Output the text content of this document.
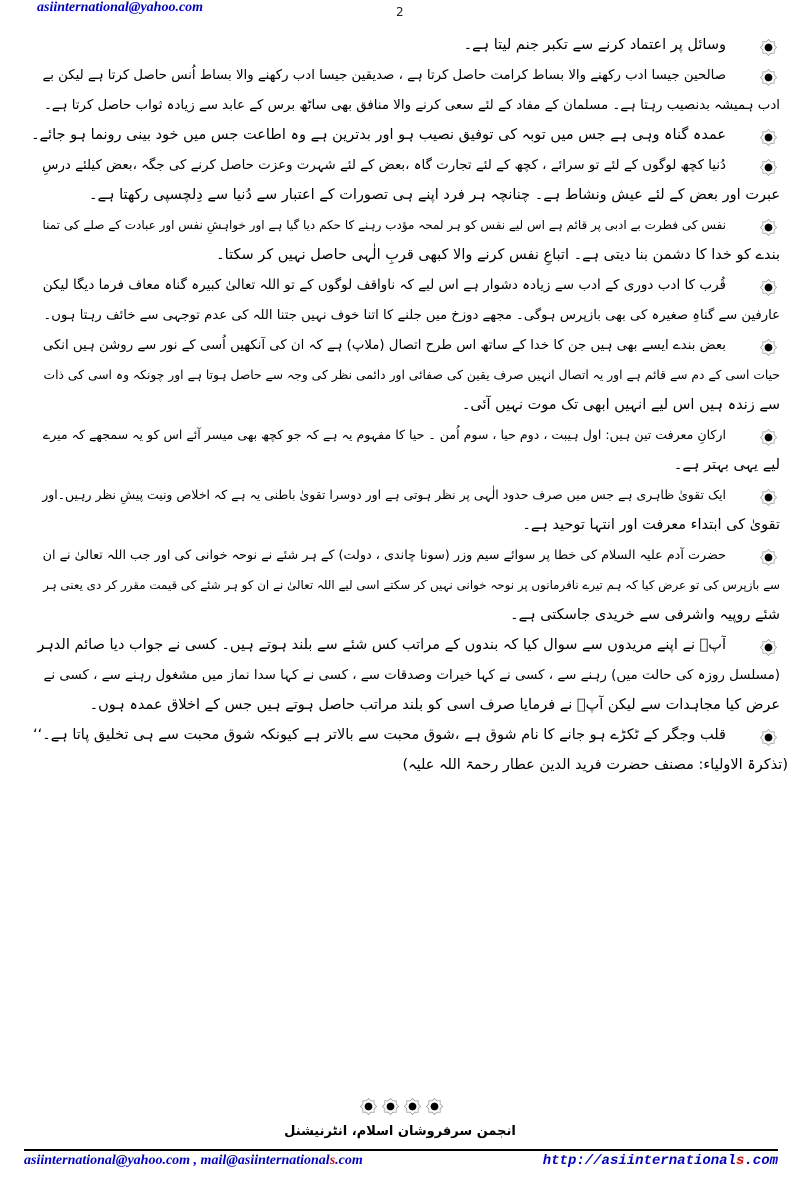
asiinternational@yahoo.com	2
وسائل پر اعتماد کرنے سے تکبر جنم لیتا ہے۔
صالحین جیسا ادب رکھنے والا بساط کرامت حاصل کرتا ہے ، صدیقین جیسا ادب رکھنے والا بساط اُنس حاصل کرتا ہے لیکن بے
ادب ہمیشہ بدنصیب رہتا ہے۔ مسلمان کے مفاد کے لئے سعی کرنے والا منافق بھی ساٹھ برس کے عابد سے زیادہ ثواب حاصل کرتا ہے۔
عمدہ گناہ وہی ہے جس میں توبہ کی توفیق نصیب ہو اور بدترین ہے وہ اطاعت جس میں خود بینی رونما ہو جائے۔
دُنیا کچھ لوگوں کے لئے تو سرائے ، کچھ کے لئے تجارت گاہ ،بعض کے لئے شہرت وعزت حاصل کرنے کی جگہ ،بعض کیلئے درسِ
عبرت اور بعض کے لئے عیش ونشاط ہے۔ چنانچہ ہر فرد اپنے ہی تصورات کے اعتبار سے دُنیا سے دِلچسپی رکھتا ہے۔
نفس کی فطرت بے ادبی پر قائم ہے اس لیے نفس کو ہر لمحہ مؤدب رہنے کا حکم دیا گیا ہے اور خواہشِ نفس اور عبادت کے صلے کی تمنا
بندے کو خدا کا دشمن بنا دیتی ہے۔ اتباعِ نفس کرنے والا کبھی قربِ الٰہی حاصل نہیں کر سکتا۔
قُرب کا ادب دوری کے ادب سے زیادہ دشوار ہے اس لیے کہ ناواقف لوگوں کے تو اللہ تعالیٰ کبیرہ گناہ معاف فرما دیگا لیکن
عارفین سے گناہِ صغیرہ کی بھی بازپرس ہوگی۔ مجھے دوزخ میں جلنے کا اتنا خوف نہیں جتنا اللہ کی عدم توجہی سے خائف رہتا ہوں۔
بعض بندے ایسے بھی ہیں جن کا خدا کے ساتھ اس طرح اتصال (ملاپ) ہے کہ ان کی آنکھیں اُسی کے نور سے روشن ہیں انکی
حیات اسی کے دم سے قائم ہے اور یہ اتصال انہیں صرف یقین کی صفائی اور دائمی نظر کی وجہ سے حاصل ہوتا ہے اور چونکہ وہ اسی کی ذات
سے زندہ ہیں اس لیے انہیں ابھی تک موت نہیں آئی۔
ارکانِ معرفت تین ہیں: اول ہیبت ، دوم حیا ، سوم اُمن ۔ حیا کا مفہوم یہ ہے کہ جو کچھ بھی میسر آئے اس کو یہ سمجھے کہ میرے
لیے یہی بہتر ہے۔
ایک تقویٰ ظاہری ہے جس میں صرف حدود الٰہی پر نظر ہوتی ہے اور دوسرا تقویٰ باطنی یہ ہے کہ اخلاص ونیت پیشِ نظر رہیں۔اور
تقویٰ کی ابتداء معرفت اور انتہا توحید ہے۔
حضرت آدم علیہ السلام کی خطا پر سوائے سیم وزر (سونا چاندی ، دولت) کے ہر شئے نے نوحہ خوانی کی اور جب اللہ تعالیٰ نے ان
سے بازپرس کی تو عرض کیا کہ ہم تیرے نافرمانوں پر نوحہ خوانی نہیں کر سکتے اسی لیے اللہ تعالیٰ نے ان کو ہر شئے کی قیمت مقرر کر دی یعنی ہر
شئے روپیہ واشرفی سے خریدی جاسکتی ہے۔
آپؒ نے اپنے مریدوں سے سوال کیا کہ بندوں کے مراتب کس شئے سے بلند ہوتے ہیں۔ کسی نے جواب دیا صائم الدہر
(مسلسل روزہ کی حالت میں) رہنے سے ، کسی نے کہا خیرات وصدقات سے ، کسی نے کہا سدا نماز میں مشغول رہنے سے ، کسی نے
عرض کیا مجاہدات سے لیکن آپؒ نے فرمایا صرف اسی کو بلند مراتب حاصل ہوتے ہیں جس کے اخلاق عمدہ ہوں۔
قلب وجگر کے ٹکڑے ہو جانے کا نام شوق ہے ،شوق محبت سے بالاتر ہے کیونکہ شوق محبت سے ہی تخلیق پاتا ہے۔‘‘
(تذکرۃ الاولیاء: مصنف حضرت فرید الدین عطار رحمۃ اللہ علیہ)
انجمن سرفروشان اسلام، انٹرنیشنل
asiinternational@yahoo.com , mail@asiinternationals.com	http://asiinternationals.com
